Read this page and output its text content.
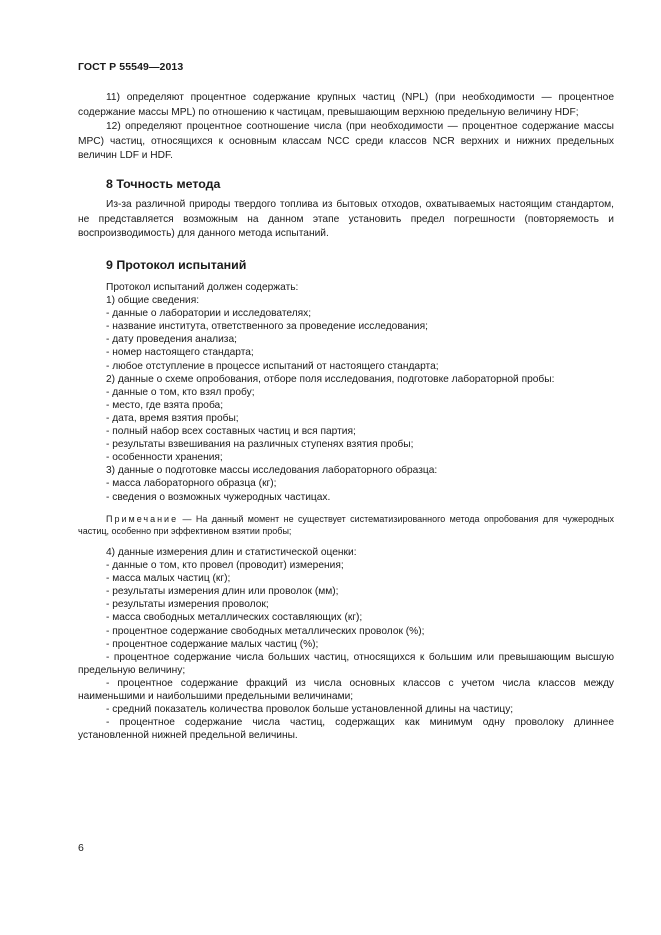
ГОСТ Р 55549—2013

11) определяют процентное содержание крупных частиц (NPL) (при необходимости — процентное содержание массы MPL) по отношению к частицам, превышающим верхнюю предельную величину HDF;

12) определяют процентное соотношение числа (при необходимости — процентное содержание массы MPC) частиц, относящихся к основным классам NCC среди классов NCR верхних и нижних предельных величин LDF и HDF.

8 Точность метода

Из-за различной природы твердого топлива из бытовых отходов, охватываемых настоящим стандартом, не представляется возможным на данном этапе установить предел погрешности (повторяемость и воспроизводимость) для данного метода испытаний.

9 Протокол испытаний
Протокол испытаний должен содержать:
1) общие сведения:
- данные о лаборатории и исследователях;
- название института, ответственного за проведение исследования;
- дату проведения анализа;
- номер настоящего стандарта;
- любое отступление в процессе испытаний от настоящего стандарта;
2) данные о схеме опробования, отборе поля исследования, подготовке лабораторной пробы:
- данные о том, кто взял пробу;
- место, где взята проба;
- дата, время взятия пробы;
- полный набор всех составных частиц и вся партия;
- результаты взвешивания на различных ступенях взятия пробы;
- особенности хранения;
3) данные о подготовке массы исследования лабораторного образца:
- масса лабораторного образца (кг);
- сведения о возможных чужеродных частицах.
Примечание — На данный момент не существует систематизированного метода опробования для чужеродных частиц, особенно при эффективном взятии пробы;
4) данные измерения длин и статистической оценки:
- данные о том, кто провел (проводит) измерения;
- масса малых частиц (кг);
- результаты измерения длин или проволок (мм);
- результаты измерения проволок;
- масса свободных металлических составляющих (кг);
- процентное содержание свободных металлических проволок (%);
- процентное содержание малых частиц (%);
- процентное содержание числа больших частиц, относящихся к большим или превышающим высшую предельную величину;
- процентное содержание фракций из числа основных классов с учетом числа классов между наименьшими и наибольшими предельными величинами;
- средний показатель количества проволок больше установленной длины на частицу;
- процентное содержание числа частиц, содержащих как минимум одну проволоку длиннее установленной нижней предельной величины.
6
